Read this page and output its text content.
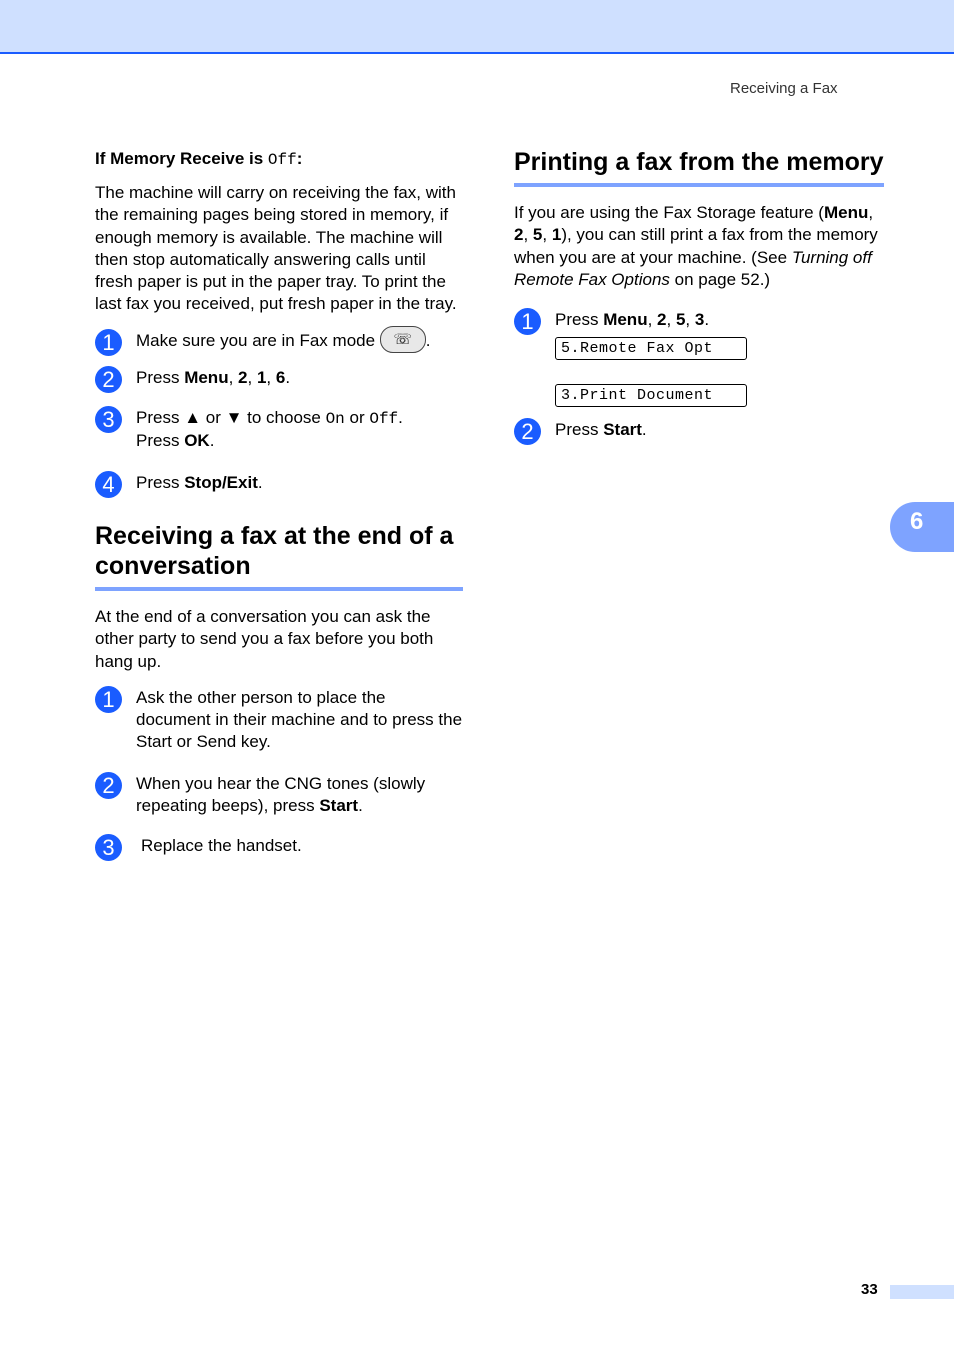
Receiving a Fax
If Memory Receive is Off:

The machine will carry on receiving the fax, with the remaining pages being stored in memory, if enough memory is available. The machine will then stop automatically answering calls until fresh paper is put in the paper tray. To print the last fax you received, put fresh paper in the tray.

1	Make sure you are in Fax mode ☏ .
2	Press Menu, 2, 1, 6.
3	Press ▲ or ▼ to choose On or Off.
Press OK.
4	Press Stop/Exit.
Receiving a fax at the end of a conversation

At the end of a conversation you can ask the other party to send you a fax before you both hang up.

1	Ask the other person to place the document in their machine and to press the Start or Send key.
2	When you hear the CNG tones (slowly repeating beeps), press Start.
3	Replace the handset.
Printing a fax from the memory

If you are using the Fax Storage feature (Menu, 2, 5, 1), you can still print a fax from the memory when you are at your machine. (See Turning off Remote Fax Options on page 52.)

1	Press Menu, 2, 5, 3.
5.Remote Fax Opt
3.Print Document
2	Press Start.
6
33
